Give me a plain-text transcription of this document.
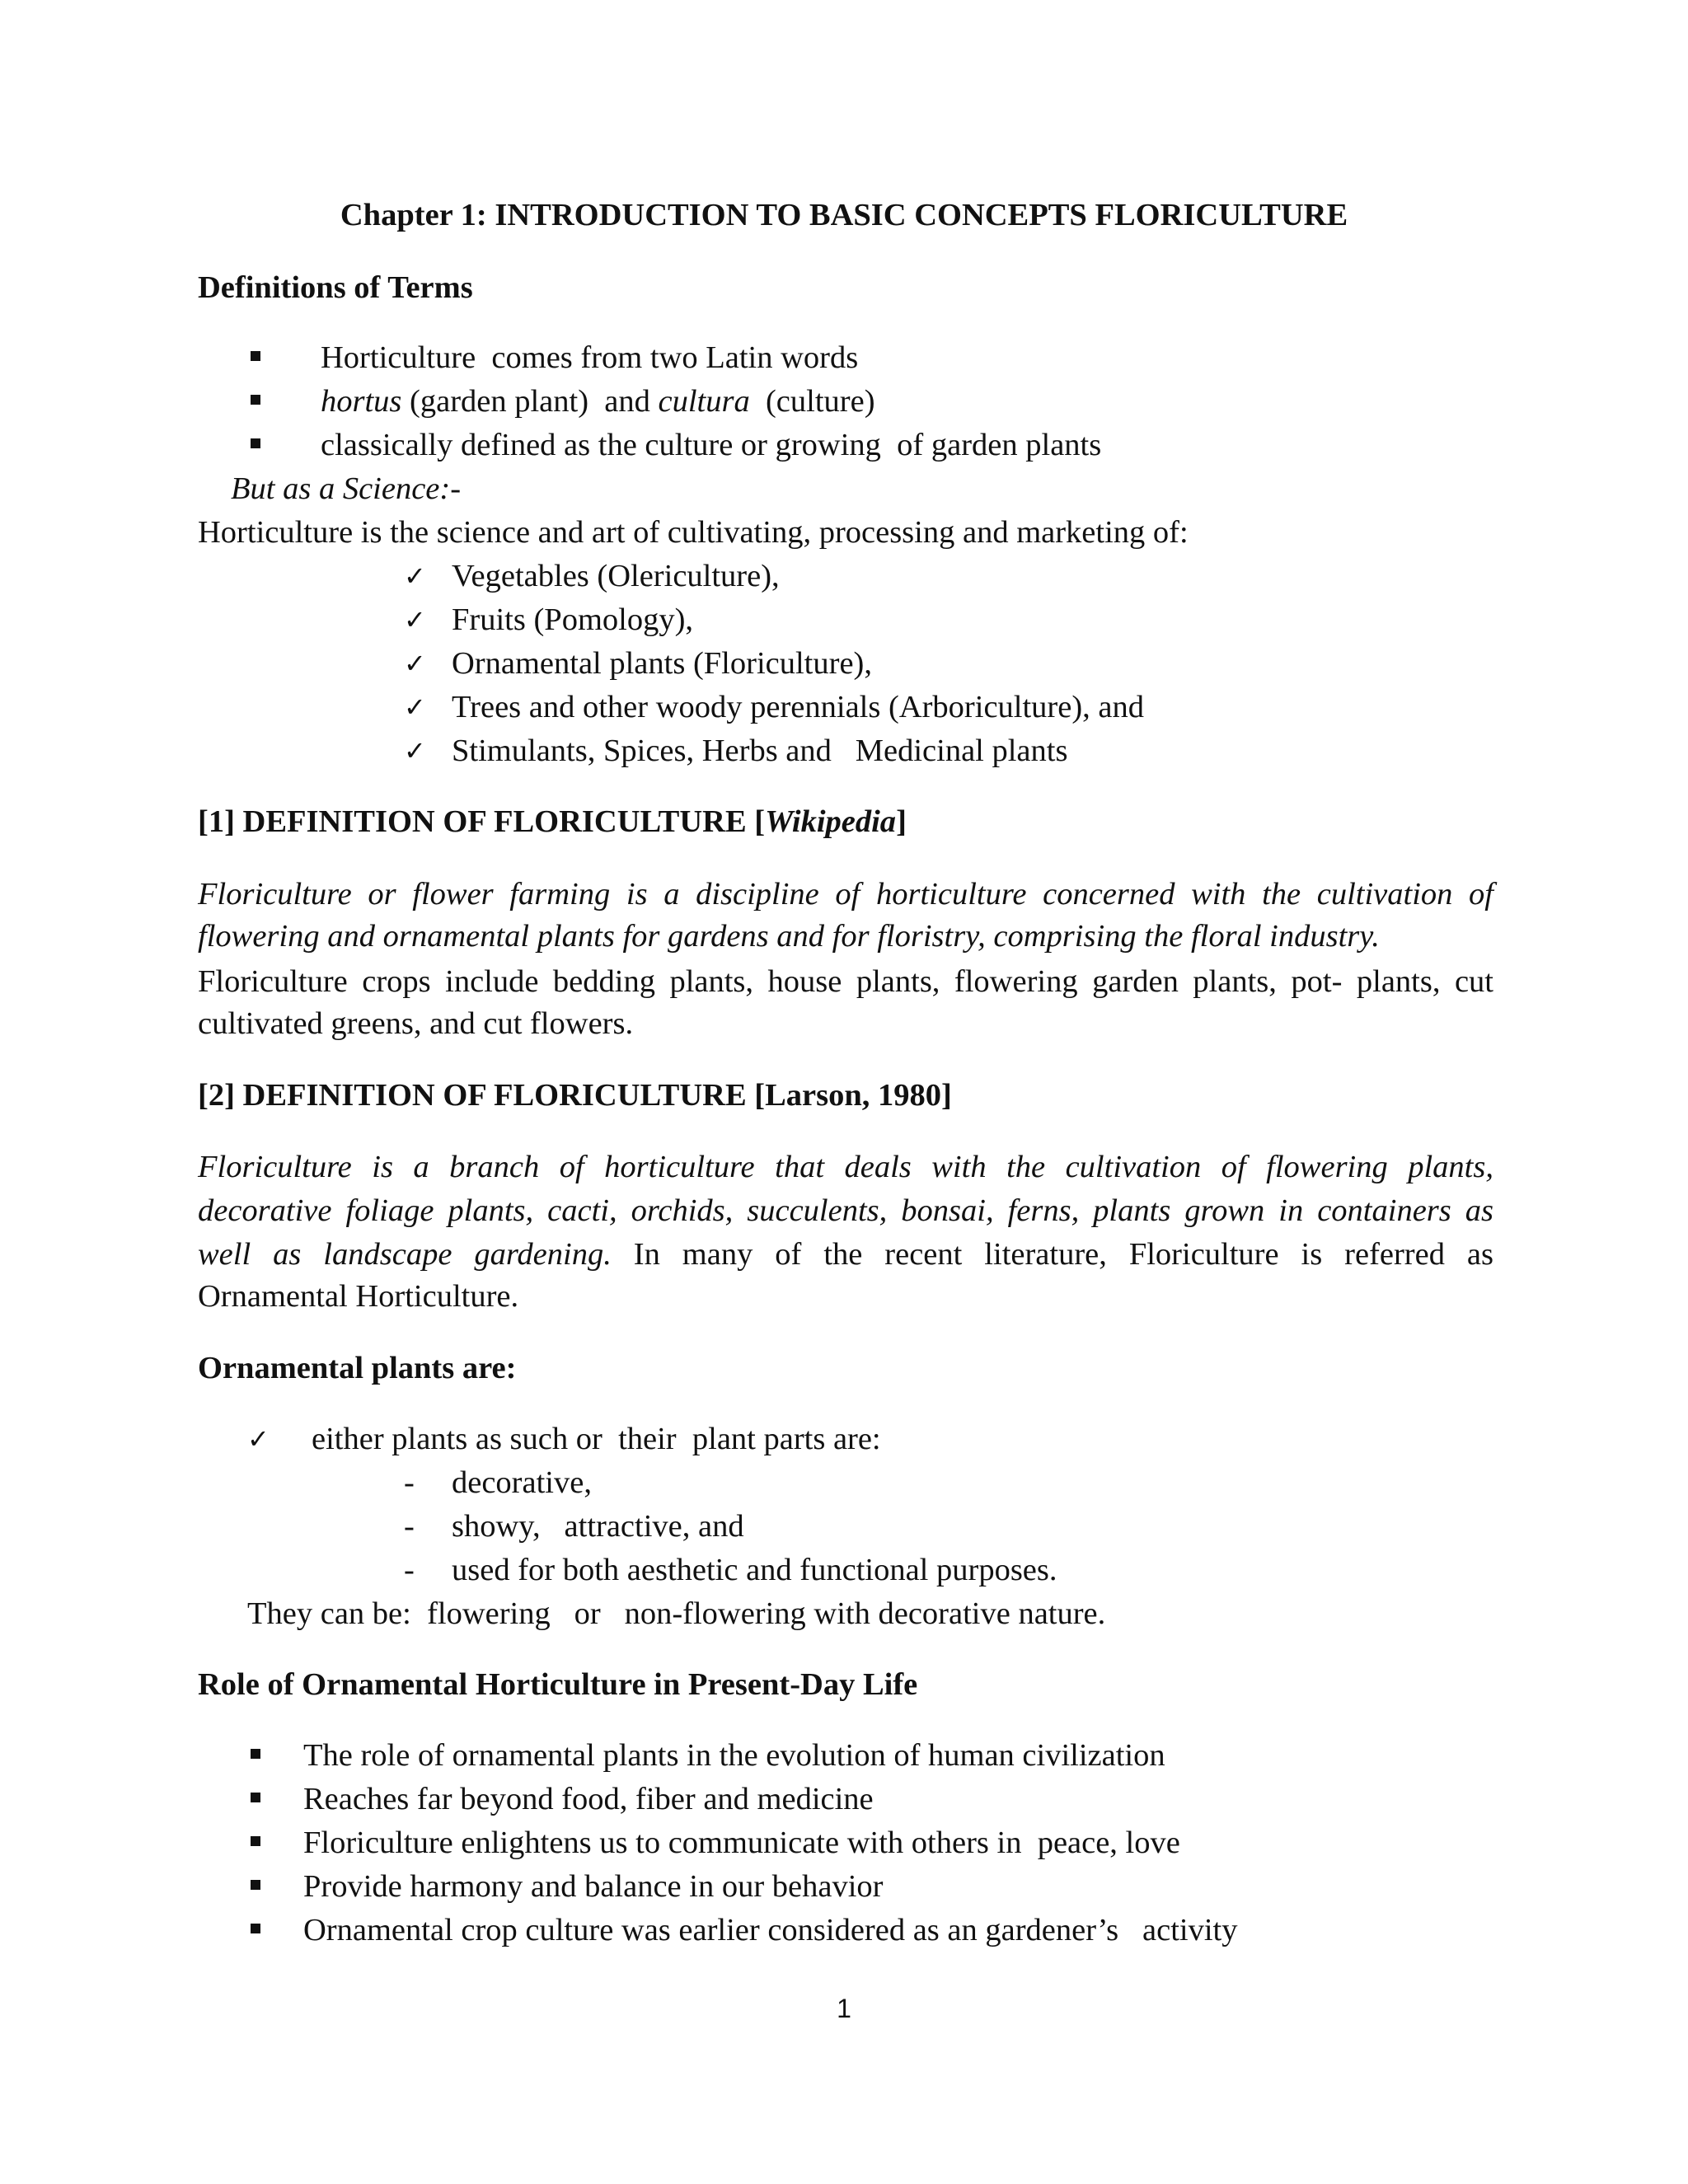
Chapter 1: INTRODUCTION TO BASIC CONCEPTS FLORICULTURE
Definitions of Terms
Horticulture  comes from two Latin words
hortus (garden plant)  and cultura  (culture)
classically defined as the culture or growing  of garden plants
But as a Science:-
Horticulture is the science and art of cultivating, processing and marketing of:
✓ Vegetables (Olericulture),
✓ Fruits (Pomology),
✓ Ornamental plants (Floriculture),
✓ Trees and other woody perennials (Arboriculture), and
✓ Stimulants, Spices, Herbs and   Medicinal plants
[1] DEFINITION OF FLORICULTURE [Wikipedia]
Floriculture or flower farming is a discipline of horticulture concerned with the cultivation of
flowering and ornamental plants for gardens and for floristry, comprising the floral industry.
Floriculture crops include bedding plants, house plants, flowering garden plants, pot- plants, cut
cultivated greens, and cut flowers.
[2] DEFINITION OF FLORICULTURE [Larson, 1980]
Floriculture is a branch of horticulture that deals with the cultivation of flowering plants,
decorative foliage plants, cacti, orchids, succulents, bonsai, ferns, plants grown in containers as
well as landscape gardening. In many of the recent literature, Floriculture is referred as
Ornamental Horticulture.
Ornamental plants are:
✓ either plants as such or  their  plant parts are:
- decorative,
- showy,   attractive, and
- used for both aesthetic and functional purposes.
They can be:  flowering   or   non-flowering with decorative nature.
Role of Ornamental Horticulture in Present-Day Life
The role of ornamental plants in the evolution of human civilization
Reaches far beyond food, fiber and medicine
Floriculture enlightens us to communicate with others in  peace, love
Provide harmony and balance in our behavior
Ornamental crop culture was earlier considered as an gardener’s   activity
1
